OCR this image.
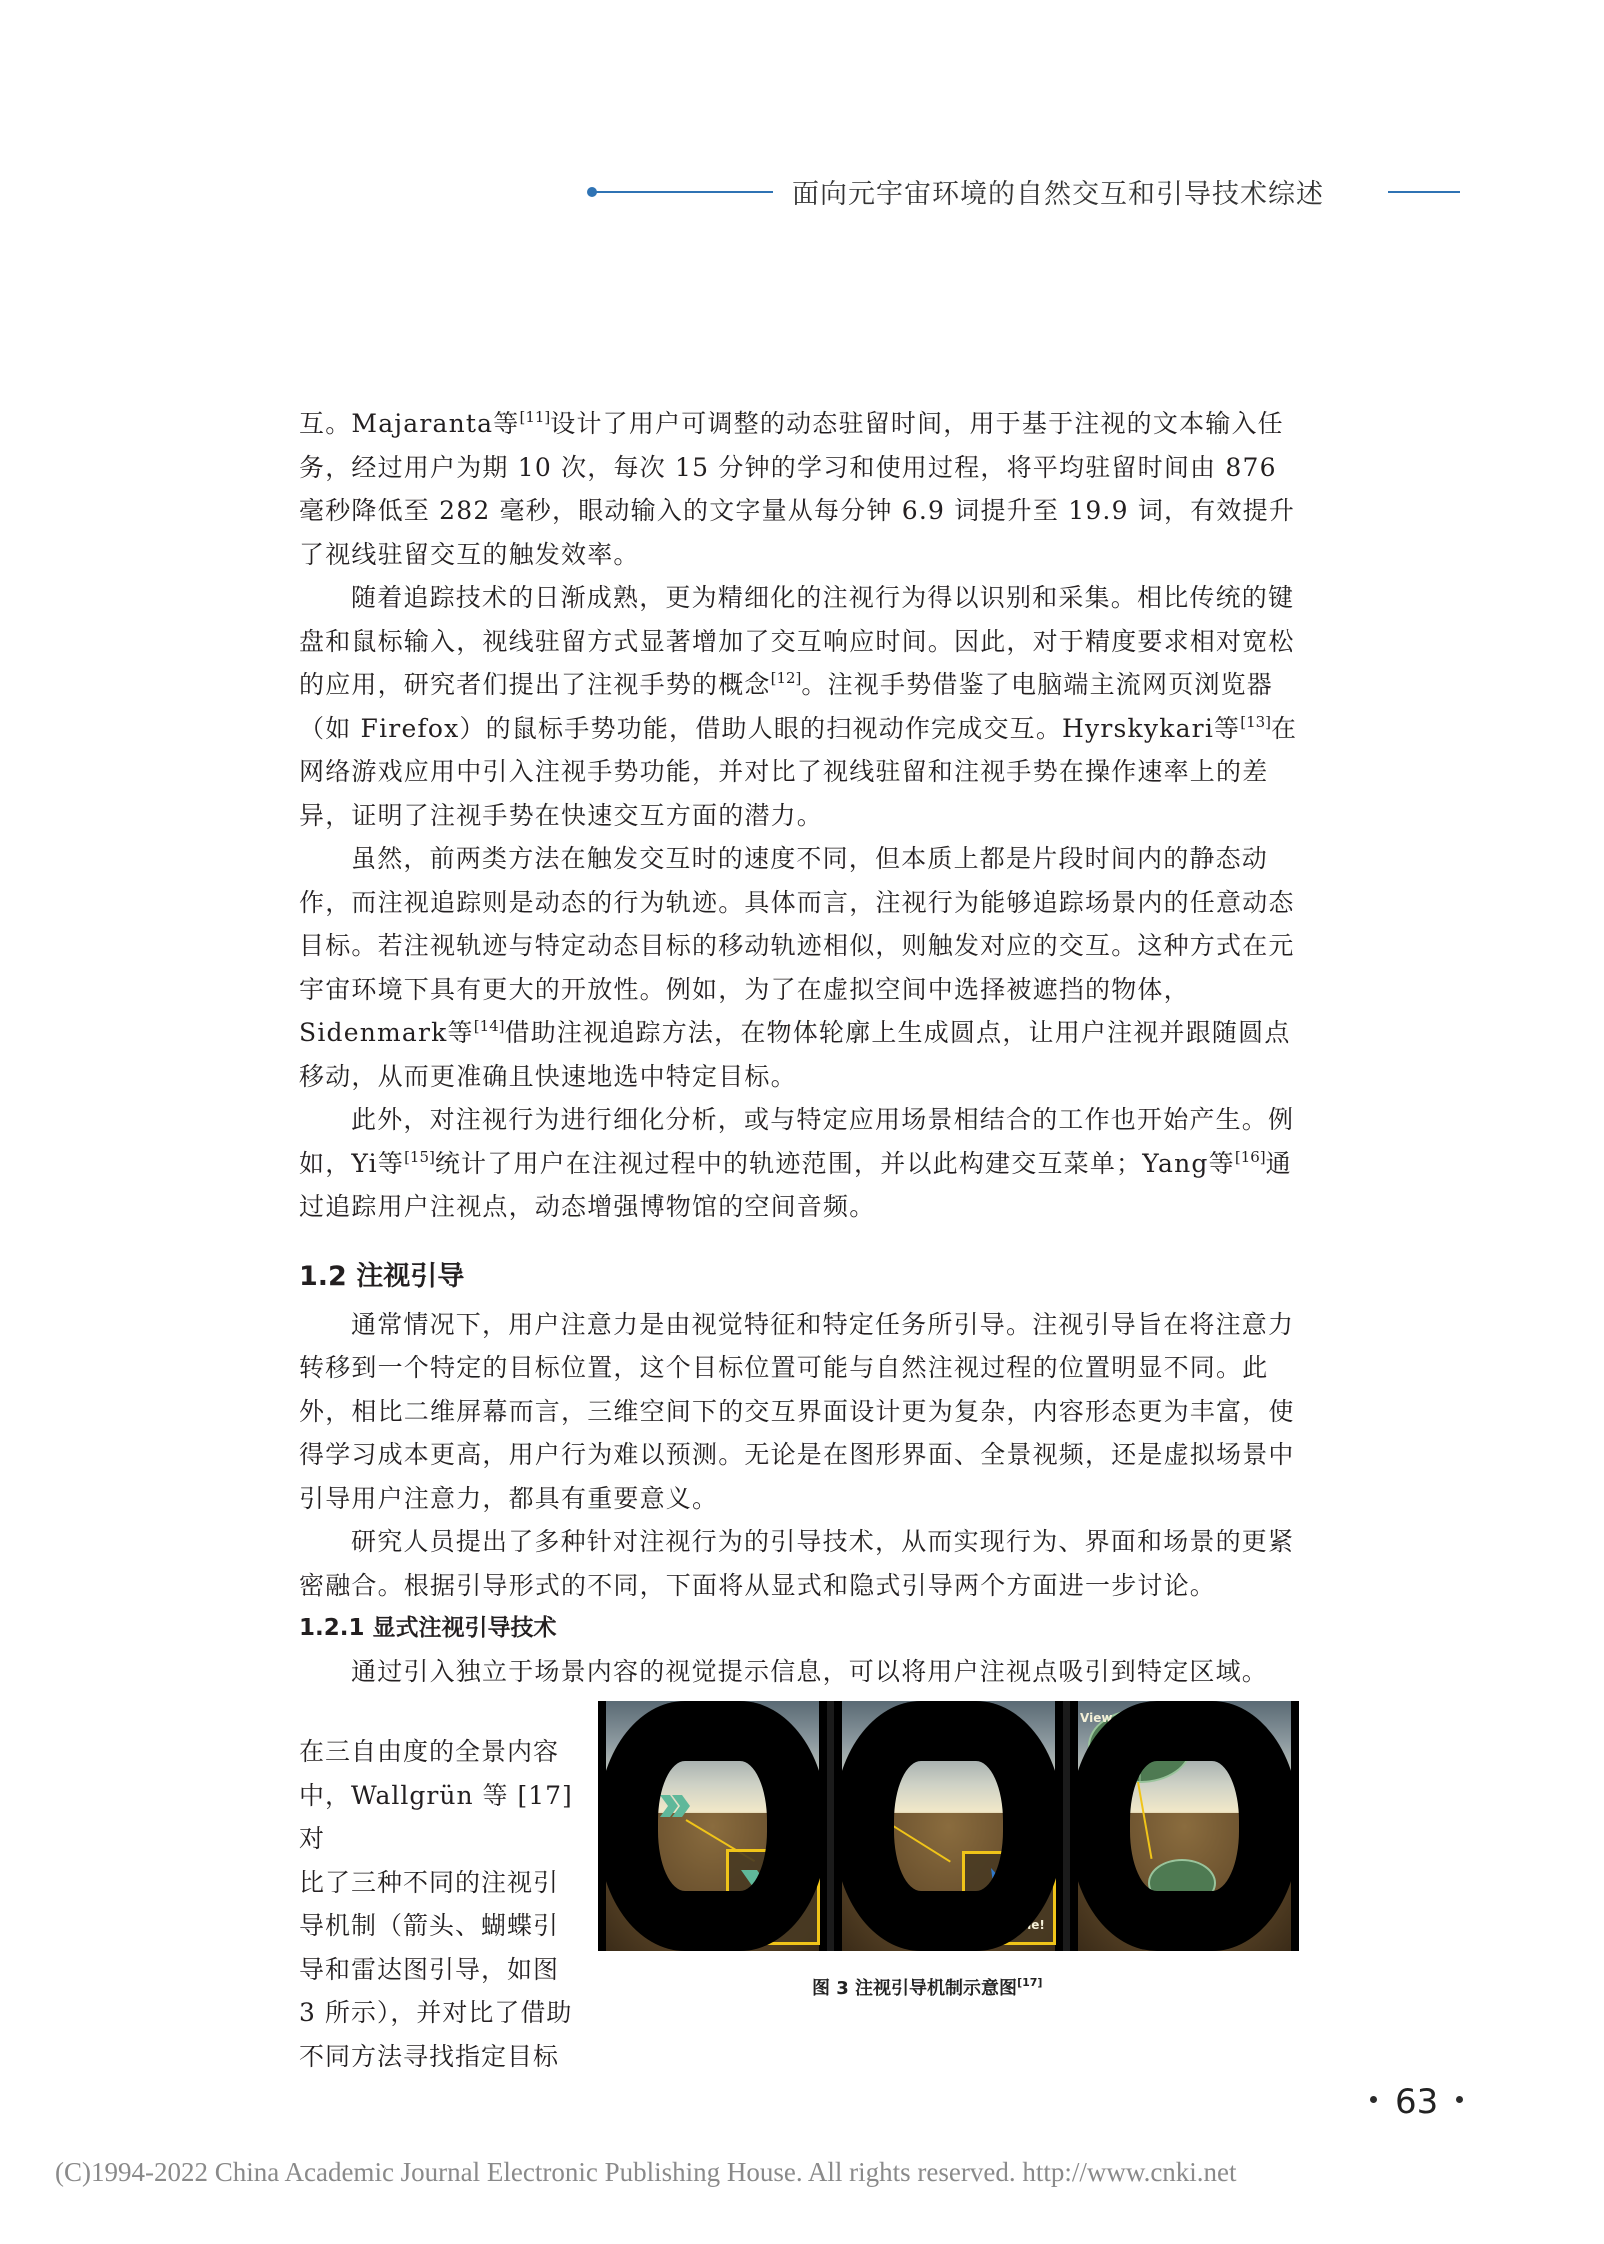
面向元宇宙环境的自然交互和引导技术综述

互。Majaranta等[11]设计了用户可调整的动态驻留时间，用于基于注视的文本输入任务，经过用户为期 10 次，每次 15 分钟的学习和使用过程，将平均驻留时间由 876 毫秒降低至 282 毫秒，眼动输入的文字量从每分钟 6.9 词提升至 19.9 词，有效提升了视线驻留交互的触发效率。

随着追踪技术的日渐成熟，更为精细化的注视行为得以识别和采集。相比传统的键盘和鼠标输入，视线驻留方式显著增加了交互响应时间。因此，对于精度要求相对宽松的应用，研究者们提出了注视手势的概念[12]。注视手势借鉴了电脑端主流网页浏览器（如 Firefox）的鼠标手势功能，借助人眼的扫视动作完成交互。Hyrskykari等[13]在网络游戏应用中引入注视手势功能，并对比了视线驻留和注视手势在操作速率上的差异，证明了注视手势在快速交互方面的潜力。

虽然，前两类方法在触发交互时的速度不同，但本质上都是片段时间内的静态动作，而注视追踪则是动态的行为轨迹。具体而言，注视行为能够追踪场景内的任意动态目标。若注视轨迹与特定动态目标的移动轨迹相似，则触发对应的交互。这种方式在元宇宙环境下具有更大的开放性。例如，为了在虚拟空间中选择被遮挡的物体，Sidenmark等[14]借助注视追踪方法，在物体轮廓上生成圆点，让用户注视并跟随圆点移动，从而更准确且快速地选中特定目标。

此外，对注视行为进行细化分析，或与特定应用场景相结合的工作也开始产生。例如，Yi等[15]统计了用户在注视过程中的轨迹范围，并以此构建交互菜单；Yang等[16]通过追踪用户注视点，动态增强博物馆的空间音频。

1.2 注视引导

通常情况下，用户注意力是由视觉特征和特定任务所引导。注视引导旨在将注意力转移到一个特定的目标位置，这个目标位置可能与自然注视过程的位置明显不同。此外，相比二维屏幕而言，三维空间下的交互界面设计更为复杂，内容形态更为丰富，使得学习成本更高，用户行为难以预测。无论是在图形界面、全景视频，还是虚拟场景中引导用户注意力，都具有重要意义。

研究人员提出了多种针对注视行为的引导技术，从而实现行为、界面和场景的更紧密融合。根据引导形式的不同，下面将从显式和隐式引导两个方面进一步讨论。

1.2.1 显式注视引导技术

通过引入独立于场景内容的视觉提示信息，可以将用户注视点吸引到特定区域。

在三自由度的全景内容
中，Wallgrün 等 [17] 对
比了三种不同的注视引
导机制（箭头、蝴蝶引
导和雷达图引导，如图
3 所示），并对比了借助
不同方法寻找指定目标
40°	Follow me!
View
Target
图 3 注视引导机制示意图[17]
63
(C)1994-2022 China Academic Journal Electronic Publishing House. All rights reserved. http://www.cnki.net
